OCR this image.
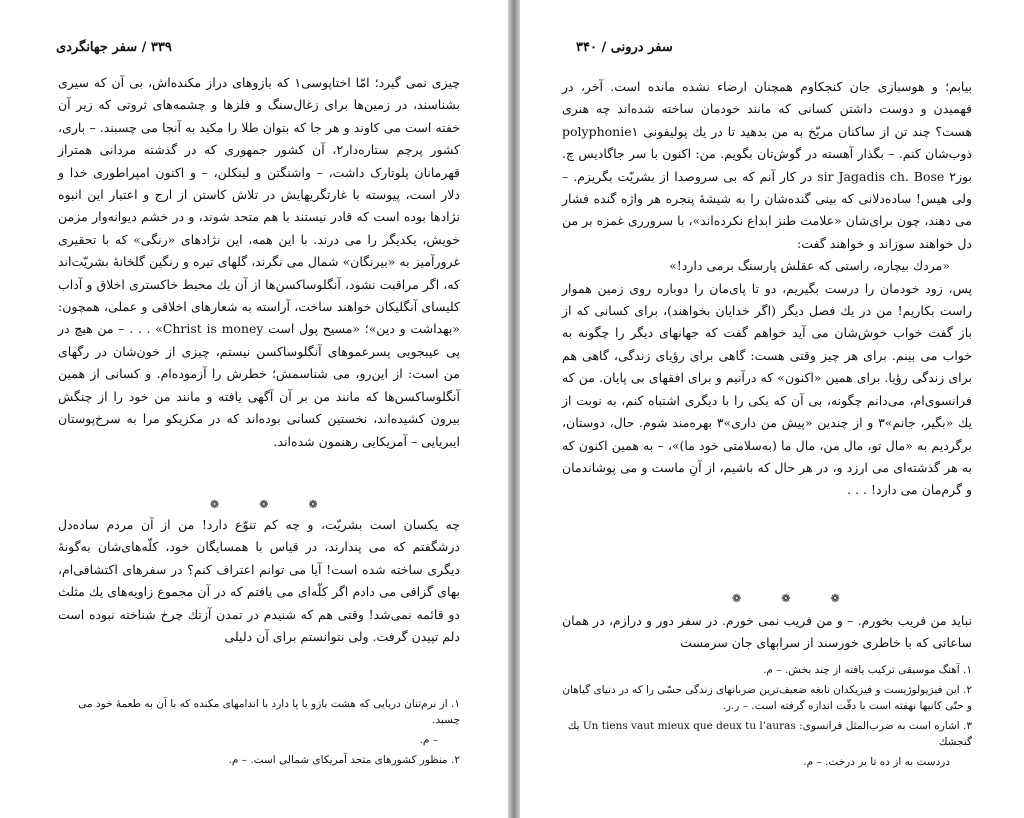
۳۳۹ / سفر جهانگردی
چیزی نمی گیرد؛ امّا اختاپوسی۱ که بازوهای دراز مکنده‌اش، بی آن که سیری بشناسند، در زمین‌ها برای زغال‌سنگ و فلزها و چشمه‌های ثروتی که زیر آن خفته است می کاوند و هر جا که بتوان طلا را مکید به آنجا می چسبند. – باری، کشور پرچم ستاره‌دار۲، آن کشور جمهوری که در گذشته مردانی همتراز قهرمانان پلوتارک داشت، – واشنگتن و لینکلن، – و اکنون امپراطوری خدا و دلار است، پیوسته با غارتگریهایش در تلاش کاستن از ارج و اعتبار این انبوه نژادها بوده است که قادر نیستند با هم متحد شوند، و در خشم دیوانه‌وار مزمن خویش، یکدیگر را می درند. با این همه، این نژادهای «رنگی» که با تحقیری غرورآمیز به «بیرنگان» شمال می نگرند، گلهای تیره و رنگین گلخانهٔ بشریّت‌اند که، اگر مراقبت نشود، آنگلوساکسن‌ها از آن یك محیط خاکستری اخلاق و آداب کلیسای آنگلیکان خواهند ساخت، آراسته به شعارهای اخلاقی و عملی، همچون: «بهداشت و دین»؛ «مسیح پول است Christ is money» . . . – من هیچ در پی عیبجویی پسرعموهای آنگلوساکسن نیستم، چیزی از خون‌شان در رگهای من است: از این‌رو، می شناسمش؛ خطرش را آزموده‌ام. و کسانی از همین آنگلوساکسن‌ها که مانند من بر آن آگهی یافته و مانند من خود را از چنگش بیرون کشیده‌اند، نخستین کسانی بوده‌اند که در مکزیکو مرا به سرخ‌پوستان ایبریایی – آمریکایی رهنمون شده‌اند.
❁	❁	❁
چه یکسان است بشریّت، و چه کم تنوّع دارد! من از آن مردم ساده‌دل درشگفتم که می پندارند، در قیاس با همسایگان خود، کلّه‌های‌شان به‌گونهٔ دیگری ساخته شده است! آیا می توانم اعتراف کنم؟ در سفرهای اکتشافی‌ام، بهای گزافی می دادم اگر کلّه‌ای می یافتم که در آن مجموع زاویه‌های یك مثلث دو قائمه نمی‌شد! وقتی هم که شنیدم در تمدن آزتك چرخ شناخته نبوده است دلم تپیدن گرفت. ولی نتوانستم برای آن دلیلی

۱. از نرم‌تنان دریایی که هشت بازو یا پا دارد با اندامهای مکنده که با آن به طعمهٔ خود می چسبد.

– م.

۲. منظور کشورهای متحد آمریکای شمالی است. – م.

سفر درونی / ۳۴۰
بیابم؛ و هوسبازی جان کنجکاوم همچنان ارضاء نشده مانده است. آخر، در فهمیدن و دوست داشتن کسانی که مانند خودمان ساخته شده‌اند چه هنری هست؟ چند تن از ساکنان مریّخ به من بدهید تا در یك پولیفونی polyphonie۱ ذوب‌شان کنم. – بگذار آهسته در گوش‌تان بگویم. من: اکنون با سر جاگادیس چ. بوز۲ sir Jagadis ch. Bose در کار آنم که بی سروصدا از بشریّت بگریزم. – ولی هیس! ساده‌دلانی که بینی گنده‌شان را به شیشهٔ پنجره‌ هر واژه گنده فشار می دهند، چون برای‌شان «علامت طنز ابداع نکرده‌اند»، با سرورری غمزه بر من دل خواهند سوزاند و خواهند گفت:
«مردك بیچاره، راستی که عقلش پارسنگ برمی دارد!»
پس، زود خودمان را درست بگیریم، دو تا پای‌مان را دوباره روی زمین هموار راست بکاریم! من در یك فصل دیگر (اگر خدایان بخواهند)، برای کسانی که از باز گفت خواب خوش‌شان می آید خواهم گفت که جهانهای دیگر را چگونه به خواب می بینم. برای هر چیز وقتی هست: گاهی برای رؤیای زندگی، گاهی هم برای زندگی رؤیا. برای همین «اکنون» که درآنیم و برای افقهای بی پایان. من که فرانسوی‌ام، می‌دانم چگونه، بی آن که یکی را با دیگری اشتباه کنم، به نوبت از یك «بگیر، جانم»۳ و از چندین «پیش من داری»۳ بهره‌مند شوم. حال، دوستان، برگردیم به «مال تو، مال من، مال ما (به‌سلامتی خود ما)»، – به همین اکنون که به هر گذشته‌ای می ارزد و، در هر حال که باشیم، از آنِ ماست و می پوشاندمان و گرم‌مان می دارد! . . .
❁	❁	❁
نباید من فریب بخورم. – و من فریب نمی خورم. در سفر دور و درازم، در همان ساعاتی که با خاطری خورسند از سرابهای جان سرمست

۱. آهنگ موسیقی ترکیب یافته از چند بخش. – م.

۲. این فیزیولوژیست و فیزیکدان نابغه ضعیف‌ترین ضربانهای زندگی حسّی را که در دنیای گیاهان و حتّی کانیها نهفته است با دقّت اندازه گرفته است. – ر.ر.

۳. اشاره است به ضرب‌المثل فرانسوی: Un tiens vaut mieux que deux tu l’auras یك گنجشك

دردست به از ده تا بر درخت. – م.
